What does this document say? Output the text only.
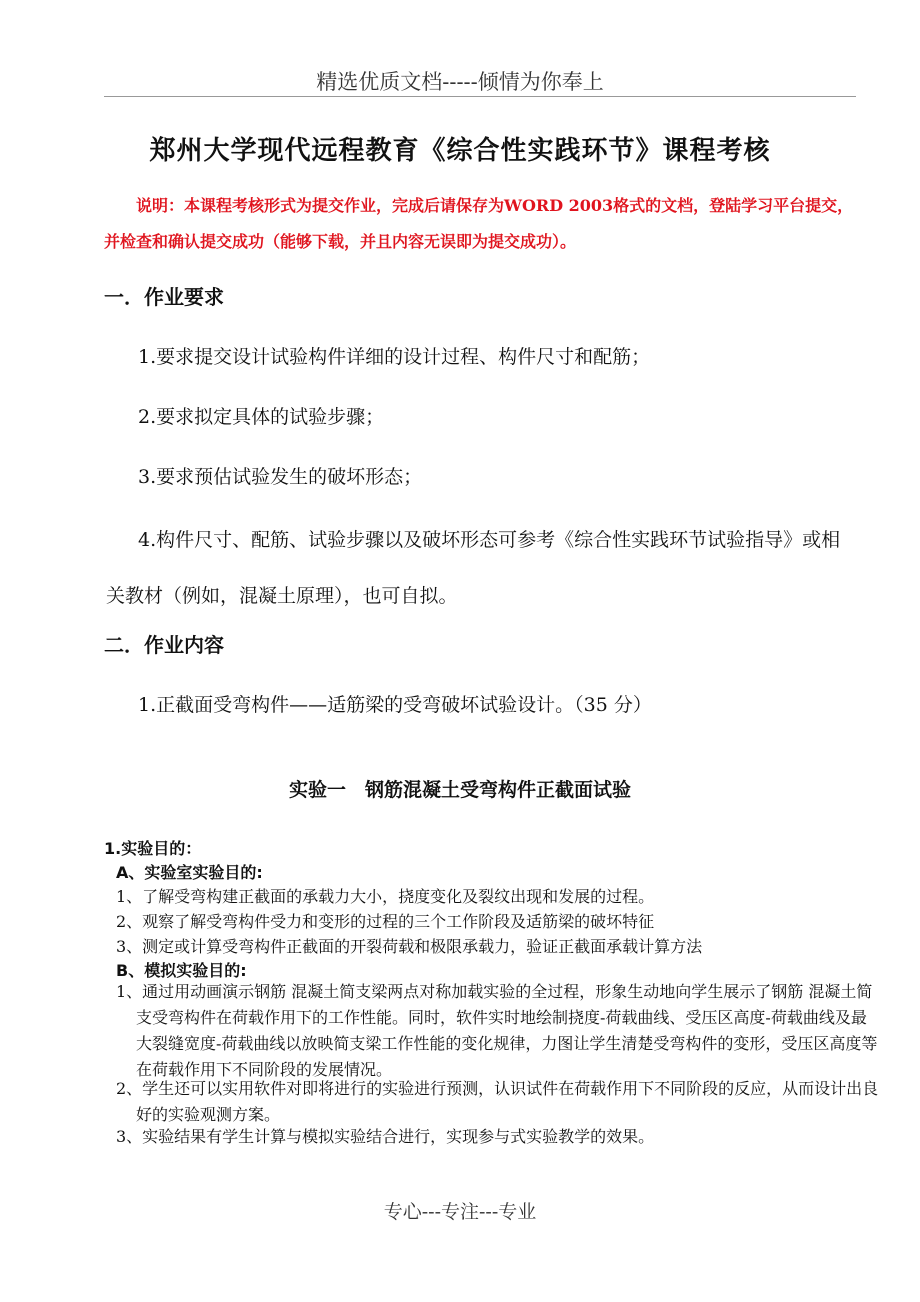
精选优质文档-----倾情为你奉上
郑州大学现代远程教育《综合性实践环节》课程考核
说明：本课程考核形式为提交作业，完成后请保存为WORD 2003格式的文档，登陆学习平台提交，并检查和确认提交成功（能够下载，并且内容无误即为提交成功）。
一．作业要求
1.要求提交设计试验构件详细的设计过程、构件尺寸和配筋；
2.要求拟定具体的试验步骤；
3.要求预估试验发生的破坏形态；
4.构件尺寸、配筋、试验步骤以及破坏形态可参考《综合性实践环节试验指导》或相关教材（例如，混凝土原理），也可自拟。
二．作业内容
1.正截面受弯构件——适筋梁的受弯破坏试验设计。（35 分）
实验一　钢筋混凝土受弯构件正截面试验
1.实验目的：
A、实验室实验目的:
1、了解受弯构建正截面的承载力大小，挠度变化及裂纹出现和发展的过程。
2、观察了解受弯构件受力和变形的过程的三个工作阶段及适筋梁的破坏特征
3、测定或计算受弯构件正截面的开裂荷载和极限承载力，验证正截面承载计算方法
B、模拟实验目的:
1、通过用动画演示钢筋 混凝土简支梁两点对称加载实验的全过程，形象生动地向学生展示了钢筋 混凝土简支受弯构件在荷载作用下的工作性能。同时，软件实时地绘制挠度-荷载曲线、受压区高度-荷载曲线及最大裂缝宽度-荷载曲线以放映简支梁工作性能的变化规律，力图让学生清楚受弯构件的变形，受压区高度等在荷载作用下不同阶段的发展情况。
2、学生还可以实用软件对即将进行的实验进行预测，认识试件在荷载作用下不同阶段的反应，从而设计出良好的实验观测方案。
3、实验结果有学生计算与模拟实验结合进行，实现参与式实验教学的效果。
专心---专注---专业
